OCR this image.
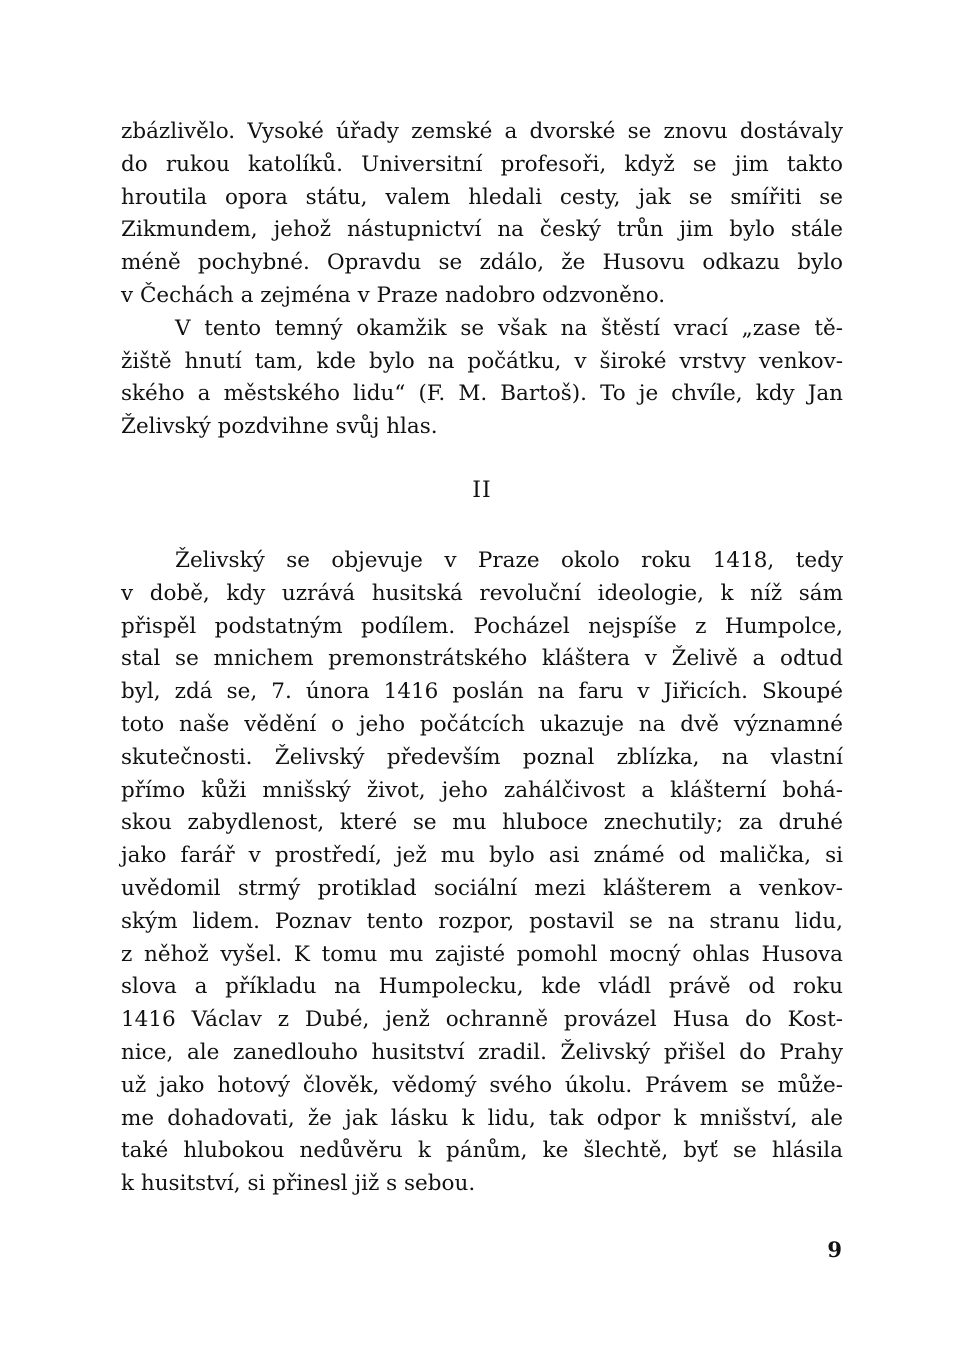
zbázlivělo. Vysoké úřady zemské a dvorské se znovu dostávaly
do rukou katolíků. Universitní profesoři, když se jim takto
hroutila opora státu, valem hledali cesty, jak se smířiti se
Zikmundem, jehož nástupnictví na český trůn jim bylo stále
méně pochybné. Opravdu se zdálo, že Husovu odkazu bylo
v Čechách a zejména v Praze nadobro odzvoněno.

V tento temný okamžik se však na štěstí vrací „zase tě-
žiště hnutí tam, kde bylo na počátku, v široké vrstvy venkov-
ského a městského lidu“ (F. M. Bartoš). To je chvíle, kdy Jan
Želivský pozdvihne svůj hlas.

II

Želivský se objevuje v Praze okolo roku 1418, tedy
v době, kdy uzrává husitská revoluční ideologie, k níž sám
přispěl podstatným podílem. Pocházel nejspíše z Humpolce,
stal se mnichem premonstrátského kláštera v Želivě a odtud
byl, zdá se, 7. února 1416 poslán na faru v Jiřicích. Skoupé
toto naše vědění o jeho počátcích ukazuje na dvě významné
skutečnosti. Želivský především poznal zblízka, na vlastní
přímo kůži mnišský život, jeho zahálčivost a klášterní bohá-
skou zabydlenost, které se mu hluboce znechutily; za druhé
jako farář v prostředí, jež mu bylo asi známé od malička, si
uvědomil strmý protiklad sociální mezi klášterem a venkov-
ským lidem. Poznav tento rozpor, postavil se na stranu lidu,
z něhož vyšel. K tomu mu zajisté pomohl mocný ohlas Husova
slova a příkladu na Humpolecku, kde vládl právě od roku
1416 Václav z Dubé, jenž ochranně provázel Husa do Kost-
nice, ale zanedlouho husitství zradil. Želivský přišel do Prahy
už jako hotový člověk, vědomý svého úkolu. Právem se může-
me dohadovati, že jak lásku k lidu, tak odpor k mnišství, ale
také hlubokou nedůvěru k pánům, ke šlechtě, byť se hlásila
k husitství, si přinesl již s sebou.

9
